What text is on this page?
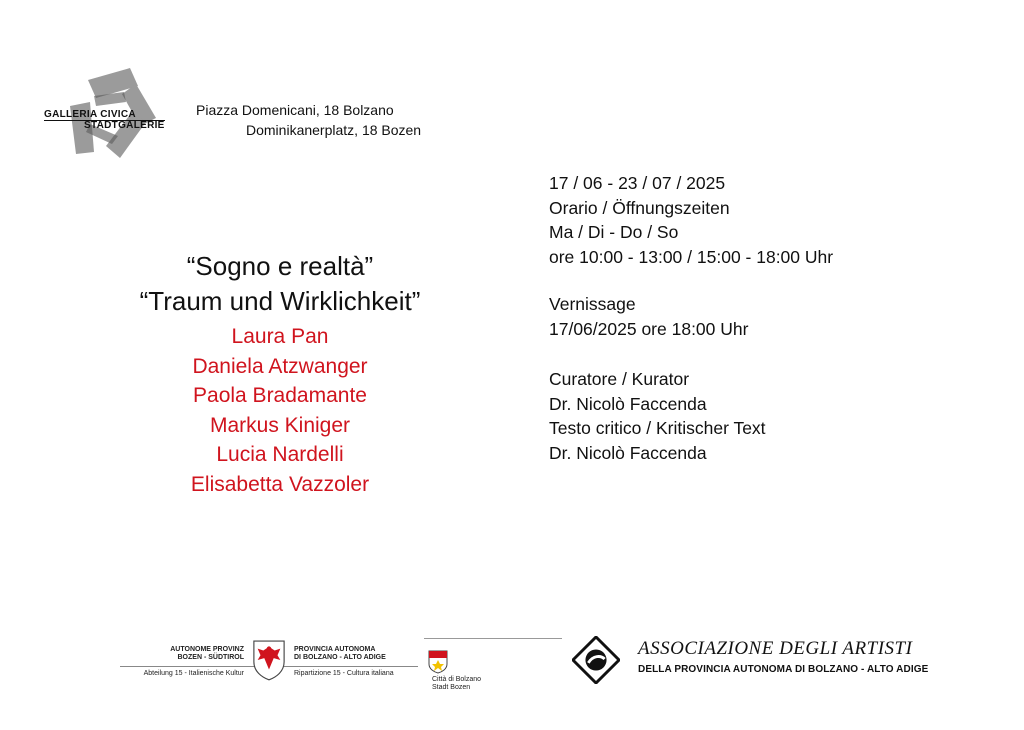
GALLERIA CIVICA
STADTGALERIE
Piazza Domenicani, 18 Bolzano
Dominikanerplatz, 18 Bozen
“Sogno e realtà”
“Traum und Wirklichkeit”
Laura Pan
Daniela Atzwanger
Paola Bradamante
Markus Kiniger
Lucia Nardelli
Elisabetta Vazzoler
17 / 06 - 23 / 07 / 2025
Orario / Öffnungszeiten
Ma / Di - Do / So
ore 10:00 - 13:00 / 15:00 - 18:00 Uhr
Vernissage
17/06/2025 ore 18:00 Uhr
Curatore / Kurator
Dr. Nicolò Faccenda
Testo critico / Kritischer Text
Dr. Nicolò Faccenda
AUTONOME PROVINZ
BOZEN - SÜDTIROL
Abteilung 15 - Italienische Kultur
PROVINCIA AUTONOMA
DI BOLZANO - ALTO ADIGE
Ripartizione 15 - Cultura italiana
Città di Bolzano
Stadt Bozen
ASSOCIAZIONE DEGLI ARTISTI
DELLA PROVINCIA AUTONOMA DI BOLZANO - ALTO ADIGE
